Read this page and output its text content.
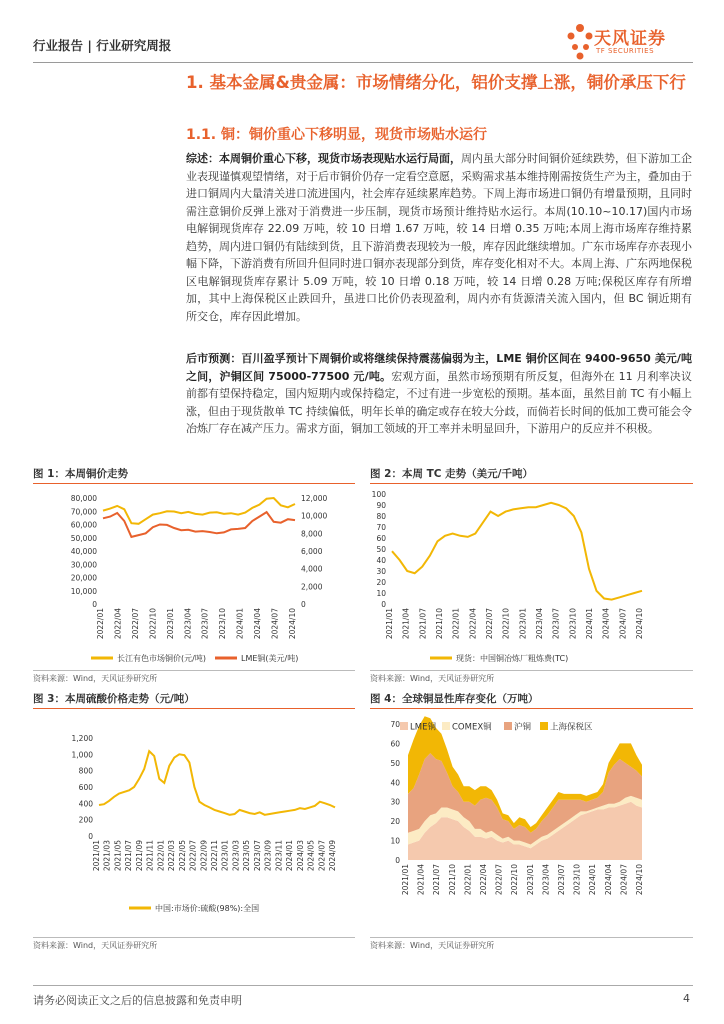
行业报告 | 行业研究周报	天风证券
TF SECURITIES
1. 基本金属&贵金属：市场情绪分化，铝价支撑上涨，铜价承压下行
1.1. 铜：铜价重心下移明显，现货市场贴水运行

综述：本周铜价重心下移，现货市场表现贴水运行局面，周内虽大部分时间铜价延续跌势，但下游加工企业表现谨慎观望情绪，对于后市铜价仍存一定看空意愿，采购需求基本维持刚需按货生产为主，叠加由于进口铜周内大量清关进口流进国内，社会库存延续累库趋势。下周上海市场进口铜仍有增量预期，且同时需注意铜价反弹上涨对于消费进一步压制，现货市场预计维持贴水运行。本周(10.10~10.17)国内市场电解铜现货库存 22.09 万吨，较 10 日增 1.67 万吨，较 14 日增 0.35 万吨;本周上海市场库存维持累趋势，周内进口铜仍有陆续到货，且下游消费表现较为一般，库存因此继续增加。广东市场库存亦表现小幅下降，下游消费有所回升但同时进口铜亦表现部分到货，库存变化相对不大。本周上海、广东两地保税区电解铜现货库存累计 5.09 万吨，较 10 日增 0.18 万吨，较 14 日增 0.28 万吨;保税区库存有所增加，其中上海保税区止跌回升，虽进口比价仍表现盈利，周内亦有货源清关流入国内，但 BC 铜近期有所交仓，库存因此增加。

后市预测：百川盈孚预计下周铜价或将继续保持震荡偏弱为主，LME 铜价区间在 9400-9650 美元/吨之间，沪铜区间 75000-77500 元/吨。宏观方面，虽然市场预期有所反复，但海外在 11 月利率决议前都有望保持稳定，国内短期内或保持稳定，不过有进一步宽松的预期。基本面，虽然目前 TC 有小幅上涨，但由于现货散单 TC 持续偏低，明年长单的确定或存在较大分歧，而倘若长时间的低加工费可能会令冶炼厂存在减产压力。需求方面，铜加工领域的开工率并未明显回升，下游用户的反应并不积极。

图 1：本周铜价走势
0
10,000
20,000
30,000
40,000
50,000
60,000
70,000
80,000
0
2,000
4,000
6,000
8,000
10,000
12,000
2022/01 2022/04 2022/07 2022/10 2023/01 2023/04 2023/07 2023/10 2024/01 2024/04 2024/07 2024/10
长江有色市场铜价(元/吨)	LME铜(美元/吨)
资料来源：Wind，天风证券研究所
图 2：本周 TC 走势（美元/千吨）
0
10
20
30
40
50
60
70
80
90
100
2021/01 2021/04 2021/07 2021/10 2022/01 2022/04 2022/07 2022/10 2023/01 2023/04 2023/07 2023/10 2024/01 2024/04 2024/07 2024/10
现货：中国铜冶炼厂粗炼费(TC)
资料来源：Wind，天风证券研究所
图 3：本周硫酸价格走势（元/吨）
0
200
400
600
800
1,000
1,200
2021/01 2021/03 2021/05 2021/07 2021/09 2021/11 2022/01 2022/03 2022/05 2022/07 2022/09 2022/11 2023/01 2023/03 2023/05 2023/07 2023/09 2023/11 2024/01 2024/03 2024/05 2024/07 2024/09
中国:市场价:硫酸(98%):全国
资料来源：Wind，天风证券研究所
图 4：全球铜显性库存变化（万吨）
0
10
20
30
40
50
60
70
2021/01 2021/04 2021/07 2021/10 2022/01 2022/04 2022/07 2022/10 2023/01 2023/04 2023/07 2023/10 2024/01 2024/04 2024/07 2024/10
LME铜 COMEX铜	沪铜 上海保税区
资料来源：Wind，天风证券研究所
请务必阅读正文之后的信息披露和免责申明	4
